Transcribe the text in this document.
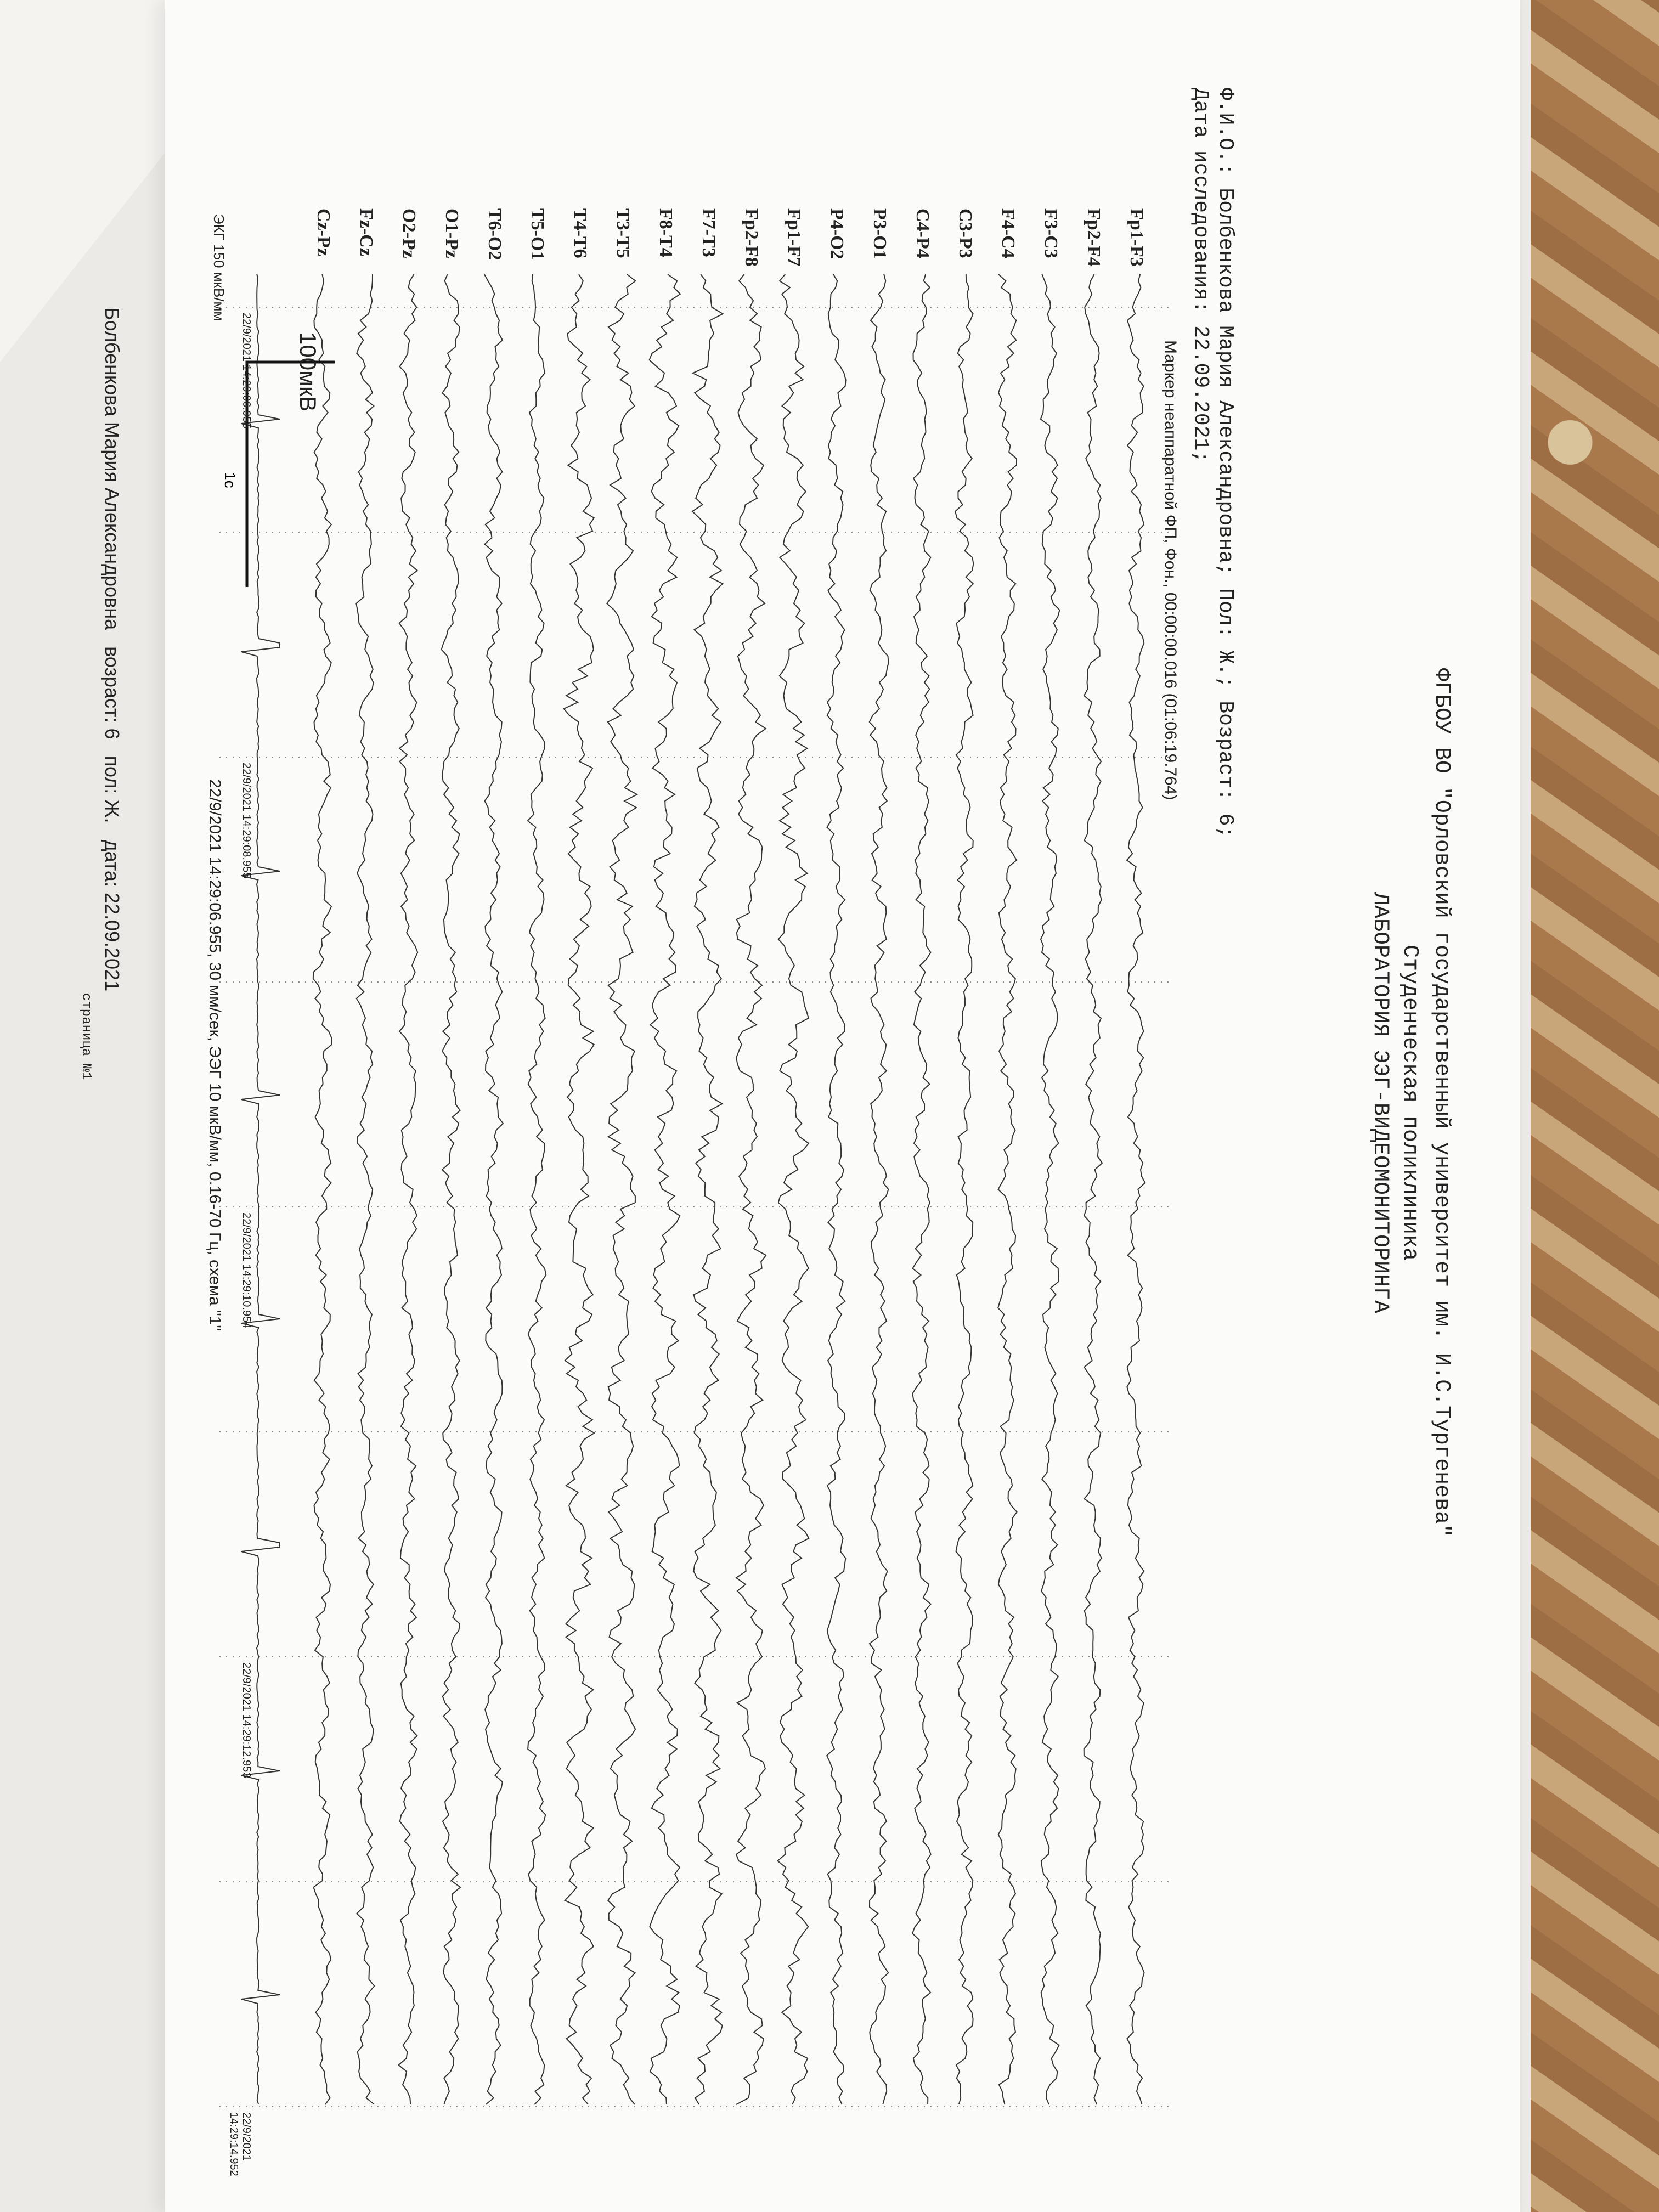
ФГБОУ ВО "Орловский государственный университет им. И.С.Тургенева"
Студенческая поликлиника
ЛАБОРАТОРИЯ ЭЭГ-ВИДЕОМОНИТОРИНГА
Ф.И.О.: Болбенкова Мария Александровна; Пол: Ж.; Возраст: 6;
Дата исследования: 22.09.2021;
1с	Маркер неаппаратной ФП, Фон., 00:00:00.016 (01:06:19.764)
Fp1-F3
Fp2-F4
F3-C3
F4-C4
C3-P3
C4-P4
P3-O1
P4-O2
Fp1-F7
Fp2-F8
F7-T3
F8-T4
T3-T5
T4-T6
T5-O1
T6-O2
O1-Pz
O2-Pz
Fz-Cz
Cz-Pz
22/9/2021 14:29:06.955
22/9/2021 14:29:08.955
22/9/2021 14:29:10.954
22/9/2021 14:29:12.953
22/9/2021 14:29:14.952
ЭКГ 150 мкВ/мм
100мкВ
22/9/2021 14:29:06.955, 30 мм/сек, ЭЭГ 10 мкВ/мм, 0.16-70 Гц, схема "1"
Болбенкова Мария Александровна   возраст: 6   пол: Ж.   дата: 22.09.2021
страница №1
